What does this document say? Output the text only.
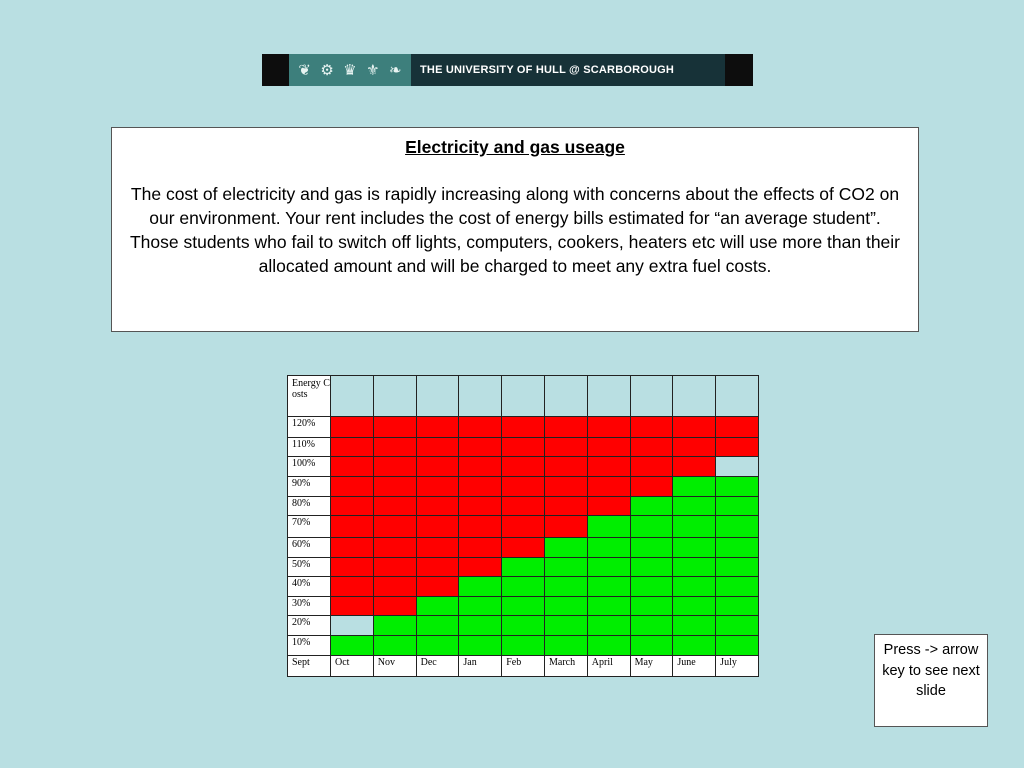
❦ ⚙ ♛ ⚜ ❧	THE UNIVERSITY OF HULL @ SCARBOROUGH
Electricity and gas useage

The cost of electricity and gas is rapidly increasing along with concerns about the effects of CO2 on our environment. Your rent includes the cost of energy bills estimated for “an average student”. Those students who fail to switch off lights, computers, cookers, heaters etc will use more than their allocated amount and will be charged to meet any extra fuel costs.

Energy Costs										
120%										
110%										
100%										
90%										
80%										
70%										
60%										
50%										
40%										
30%										
20%										
10%										
Sept	Oct	Nov	Dec	Jan	Feb	March	April	May	June	July
Press -> arrow key to see next slide
